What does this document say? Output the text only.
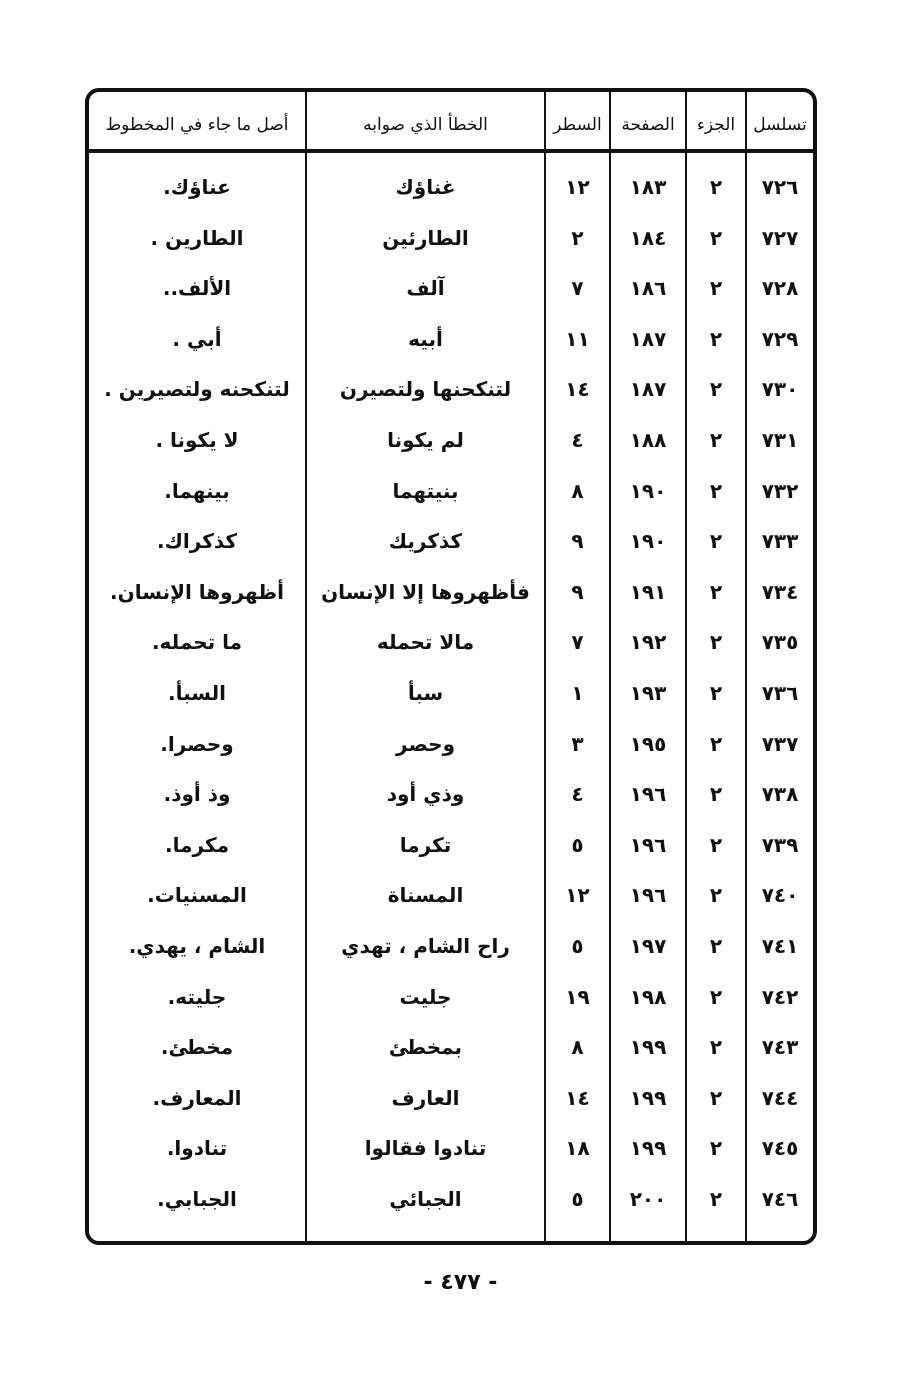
تسلسل
الجزء
الصفحة
السطر
الخطأ الذي صوابه
أصل ما جاء في المخطوط
٧٢٦
٢
١٨٣
١٢
غناؤك
عناؤك.
٧٢٧
٢
١٨٤
٢
الطارئين
الطارين .
٧٢٨
٢
١٨٦
٧
آلف
الألف..
٧٢٩
٢
١٨٧
١١
أبيه
أبي .
٧٣٠
٢
١٨٧
١٤
لتنكحنها ولتصيرن
لتنكحنه ولتصيرين .
٧٣١
٢
١٨٨
٤
لم يكونا
لا يكونا .
٧٣٢
٢
١٩٠
٨
بنيتهما
بينهما.
٧٣٣
٢
١٩٠
٩
كذكريك
كذكراك.
٧٣٤
٢
١٩١
٩
فأظهروها إلا الإنسان
أظهروها الإنسان.
٧٣٥
٢
١٩٢
٧
مالا تحمله
ما تحمله.
٧٣٦
٢
١٩٣
١
سبأ
السبأ.
٧٣٧
٢
١٩٥
٣
وحصر
وحصرا.
٧٣٨
٢
١٩٦
٤
وذي أود
وذ أوذ.
٧٣٩
٢
١٩٦
٥
تكرما
مكرما.
٧٤٠
٢
١٩٦
١٢
المسناة
المسنيات.
٧٤١
٢
١٩٧
٥
راح الشام ، تهدي
الشام ، يهدي.
٧٤٢
٢
١٩٨
١٩
جليت
جليته.
٧٤٣
٢
١٩٩
٨
بمخطئ
مخطئ.
٧٤٤
٢
١٩٩
١٤
العارف
المعارف.
٧٤٥
٢
١٩٩
١٨
تنادوا فقالوا
تنادوا.
٧٤٦
٢
٢٠٠
٥
الجبائي
الجبابي.
- ٤٧٧ -
